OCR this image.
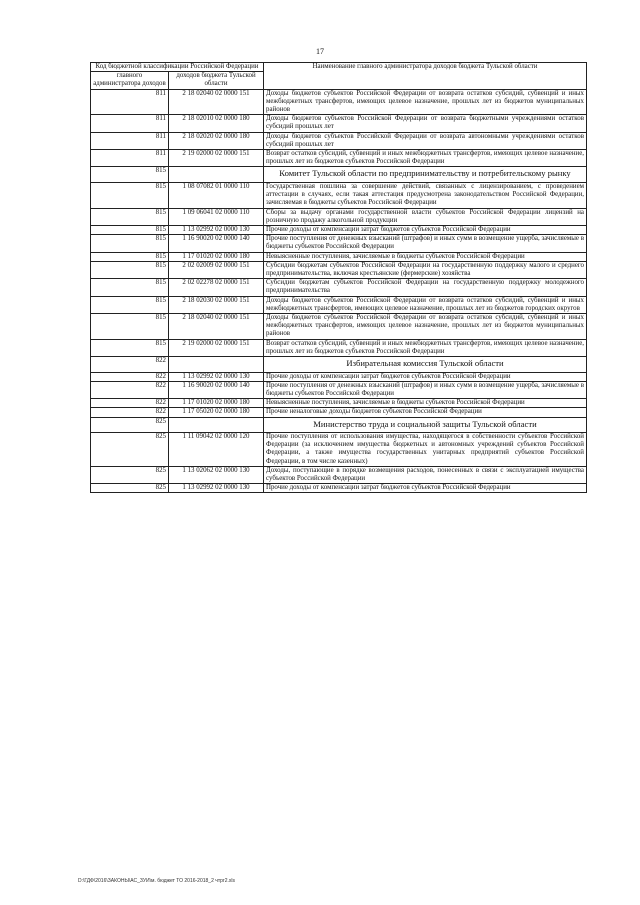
17
Код бюджетной классификации Российской Федерации		Наименование главного администратора доходов бюджета Тульской области
главного администратора доходов	доходов бюджета Тульской области	
811	2 18 02040 02 0000 151	Доходы бюджетов субъектов Российской Федерации от возврата остатков субсидий, субвенций и иных межбюджетных трансфертов, имеющих целевое назначение, прошлых лет из бюджетов муниципальных районов
811	2 18 02010 02 0000 180	Доходы бюджетов субъектов Российской Федерации от возврата бюджетными учреждениями остатков субсидий прошлых лет
811	2 18 02020 02 0000 180	Доходы бюджетов субъектов Российской Федерации от возврата автономными учреждениями остатков субсидий прошлых лет
811	2 19 02000 02 0000 151	Возврат остатков субсидий, субвенций и иных межбюджетных трансфертов, имеющих целевое назначение, прошлых лет из бюджетов субъектов Российской Федерации
815		Комитет Тульской области по предпринимательству и потребительскому рынку
815	1 08 07082 01 0000 110	Государственная пошлина за совершение действий, связанных с лицензированием, с проведением аттестации в случаях, если такая аттестация предусмотрена законодательством Российской Федерации, зачисляемая в бюджеты субъектов Российской Федерации
815	1 09 06041 02 0000 110	Сборы за выдачу органами государственной власти субъектов Российской Федерации лицензий на розничную продажу алкогольной продукции
815	1 13 02992 02 0000 130	Прочие доходы от компенсации затрат бюджетов субъектов Российской Федерации
815	1 16 90020 02 0000 140	Прочие поступления от денежных взысканий (штрафов) и иных сумм в возмещение ущерба, зачисляемые в бюджеты субъектов Российской Федерации
815	1 17 01020 02 0000 180	Невыясненные поступления, зачисляемые в бюджеты субъектов Российской Федерации
815	2 02 02009 02 0000 151	Субсидии бюджетам субъектов Российской Федерации на государственную поддержку малого и среднего предпринимательства, включая крестьянские (фермерские) хозяйства
815	2 02 02278 02 0000 151	Субсидии бюджетам субъектов Российской Федерации на государственную поддержку молодежного предпринимательства
815	2 18 02030 02 0000 151	Доходы бюджетов субъектов Российской Федерации от возврата остатков субсидий, субвенций и иных межбюджетных трансфертов, имеющих целевое назначение, прошлых лет из бюджетов городских округов
815	2 18 02040 02 0000 151	Доходы бюджетов субъектов Российской Федерации от возврата остатков субсидий, субвенций и иных межбюджетных трансфертов, имеющих целевое назначение, прошлых лет из бюджетов муниципальных районов
815	2 19 02000 02 0000 151	Возврат остатков субсидий, субвенций и иных межбюджетных трансфертов, имеющих целевое назначение, прошлых лет из бюджетов субъектов Российской Федерации
822		Избирательная комиссия Тульской области
822	1 13 02992 02 0000 130	Прочие доходы от компенсации затрат бюджетов субъектов Российской Федерации
822	1 16 90020 02 0000 140	Прочие поступления от денежных взысканий (штрафов) и иных сумм в возмещение ущерба, зачисляемые в бюджеты субъектов Российской Федерации
822	1 17 01020 02 0000 180	Невыясненные поступления, зачисляемые в бюджеты субъектов Российской Федерации
822	1 17 05020 02 0000 180	Прочие неналоговые доходы бюджетов субъектов Российской Федерации
825		Министерство труда и социальной защиты Тульской области
825	1 11 09042 02 0000 120	Прочие поступления от использования имущества, находящегося в собственности субъектов Российской Федерации (за исключением имущества бюджетных и автономных учреждений субъектов Российской Федерации, а также имущества государственных унитарных предприятий субъектов Российской Федерации, в том числе казенных)
825	1 13 02062 02 0000 130	Доходы, поступающие в порядке возмещения расходов, понесенных в связи с эксплуатацией имущества субъектов Российской Федерации
825	1 13 02992 02 0000 130	Прочие доходы от компенсации затрат бюджетов субъектов Российской Федерации
D:\ГДФ\2016\ЗАКОНЫ\АС_ЗУИ\м. бюджет ТО 2016-2018_2 чтрг2.xls
